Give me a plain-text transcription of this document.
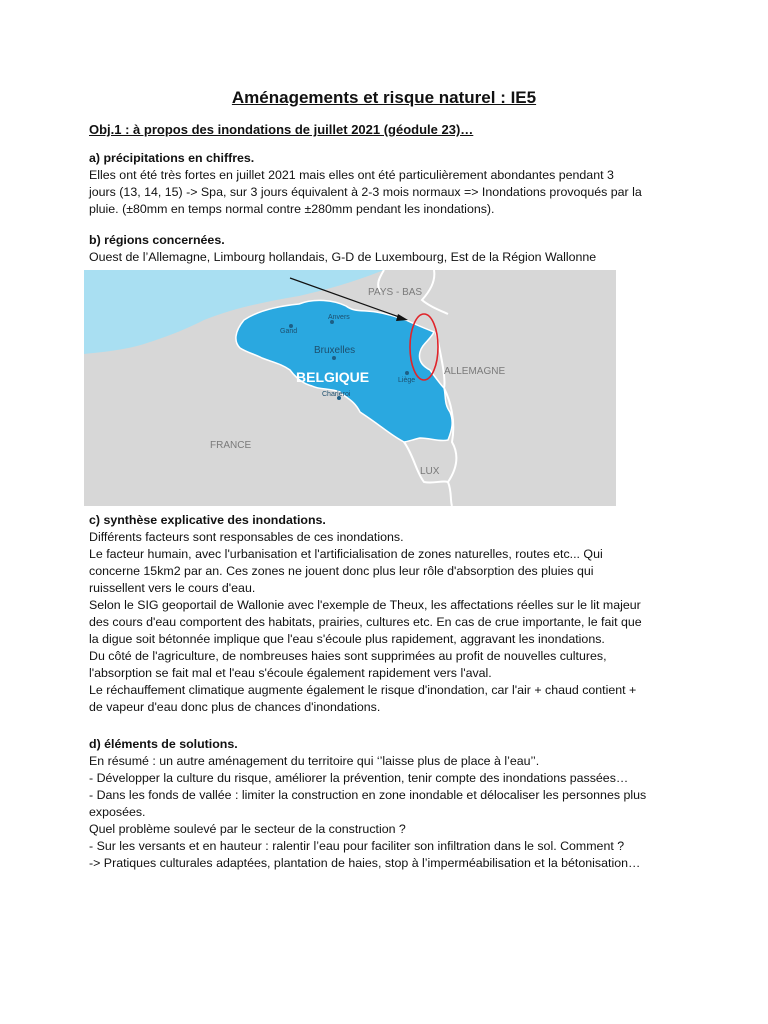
Aménagements et risque naturel : IE5
Obj.1 : à propos des inondations de juillet 2021 (géodule 23)…
a) précipitations en chiffres.

Elles ont été très fortes en juillet 2021 mais elles ont été particulièrement abondantes pendant 3

jours (13, 14, 15) -> Spa, sur 3 jours équivalent à 2-3 mois normaux => Inondations provoqués par la

pluie. (±80mm en temps normal contre ±280mm pendant les inondations).

b) régions concernées.

Ouest de l’Allemagne, Limbourg hollandais, G-D de Luxembourg, Est de la Région Wallonne

c) synthèse explicative des inondations.

Différents facteurs sont responsables de ces inondations.

Le facteur humain, avec l'urbanisation et l'artificialisation de zones naturelles, routes etc... Qui

concerne 15km2 par an. Ces zones ne jouent donc plus leur rôle d'absorption des pluies qui

ruissellent vers le cours d'eau.

Selon le SIG geoportail de Wallonie avec l'exemple de Theux, les affectations réelles sur le lit majeur

des cours d'eau comportent des habitats, prairies, cultures etc. En cas de crue importante, le fait que

la digue soit bétonnée implique que l'eau s'écoule plus rapidement, aggravant les inondations.

Du côté de l'agriculture, de nombreuses haies sont supprimées au profit de nouvelles cultures,

l'absorption se fait mal et l'eau s'écoule également rapidement vers l'aval.

Le réchauffement climatique augmente également le risque d'inondation, car l'air + chaud contient +

de vapeur d'eau donc plus de chances d'inondations.

d) éléments de solutions.

En résumé : un autre aménagement du territoire qui ‘’laisse plus de place à l’eau’’.

- Développer la culture du risque, améliorer la prévention, tenir compte des inondations passées…

- Dans les fonds de vallée : limiter la construction en zone inondable et délocaliser les personnes plus

exposées.

Quel problème soulevé par le secteur de la construction ?

- Sur les versants et en hauteur : ralentir l’eau pour faciliter son infiltration dans le sol. Comment ?

-> Pratiques culturales adaptées, plantation de haies, stop à l’imperméabilisation et la bétonisation…

PAYS - BAS
Anvers
Gand
Bruxelles
BELGIQUE	Liège
Charleroi
ALLEMAGNE
FRANCE
LUX
